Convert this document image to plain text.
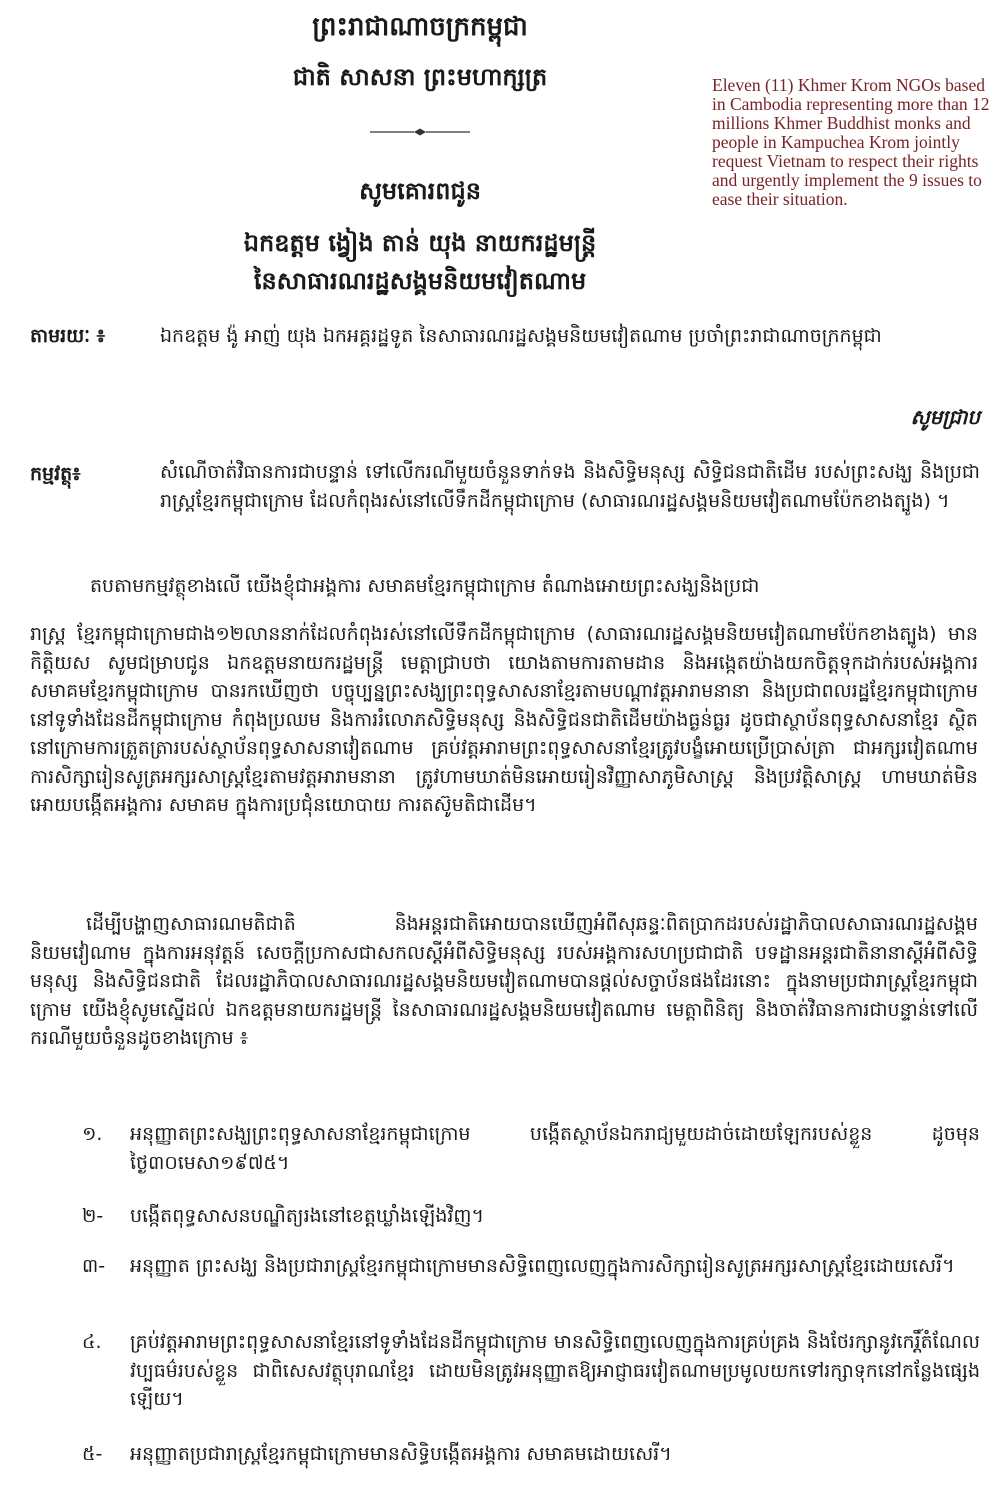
ព្រះរាជាណាចក្រកម្ពុជា
ជាតិ សាសនា ព្រះមហាក្សត្រ
សូមគោរពជូន
ឯកឧត្តម ង្វៀង តាន់ យុង នាយករដ្ឋមន្ត្រី
នៃសាធារណរដ្ឋសង្គមនិយមវៀតណាម
Eleven (11) Khmer Krom NGOs based in Cambodia representing more than 12 millions Khmer Buddhist monks and people in Kampuchea Krom jointly request Vietnam to respect their rights and urgently implement the 9 issues to ease their situation.
តាមរយៈ ៖	ឯកឧត្តម ង៉ូ អាញ់ យុង ឯកអគ្គរដ្ឋទូត នៃសាធារណរដ្ឋសង្គមនិយមវៀតណាម ប្រចាំព្រះរាជាណាចក្រកម្ពុជា
សូមជ្រាប
កម្មវត្ថុ៖	សំណើចាត់វិធានការជាបន្ទាន់ ទៅលើករណីមួយចំនួនទាក់ទង និងសិទ្ធិមនុស្ស សិទ្ធិជនជាតិដើម របស់ព្រះសង្ឃ និងប្រជារាស្ត្រខ្មែរកម្ពុជាក្រោម ដែលកំពុងរស់នៅលើទឹកដីកម្ពុជាក្រោម (សាធារណរដ្ឋសង្គមនិយមវៀតណាមប៉ែកខាងត្បូង) ។
តបតាមកម្មវត្ថុខាងលើ យើងខ្ញុំជាអង្គការ សមាគមខ្មែរកម្ពុជាក្រោម តំណាងអោយព្រះសង្ឃនិងប្រជា
រាស្ត្រ ខ្មែរកម្ពុជាក្រោមជាង១២លាននាក់ដែលកំពុងរស់នៅលើទឹកដីកម្ពុជាក្រោម (សាធារណរដ្ឋសង្គមនិយមវៀតណាមប៉ែកខាងត្បូង) មានកិត្តិយស សូមជម្រាបជូន ឯកឧត្តមនាយករដ្ឋមន្ត្រី មេត្តាជ្រាបថា យោងតាមការតាមដាន និងអង្កេតយ៉ាងយកចិត្តទុកដាក់របស់អង្គការ សមាគមខ្មែរកម្ពុជាក្រោម បានរកឃើញថា បច្ចុប្បន្នព្រះសង្ឃព្រះពុទ្ធសាសនាខ្មែរតាមបណ្តាវត្តអារាមនានា និងប្រជាពលរដ្ឋខ្មែរកម្ពុជាក្រោមនៅទូទាំងដែនដីកម្ពុជាក្រោម កំពុងប្រឈម និងការរំលោភសិទ្ធិមនុស្ស និងសិទ្ធិជនជាតិដើមយ៉ាងធ្ងន់ធ្ងរ ដូចជាស្ថាប័នពុទ្ធសាសនាខ្មែរ ស្ថិតនៅក្រោមការត្រួតត្រារបស់ស្ថាប័នពុទ្ធសាសនាវៀតណាម គ្រប់វត្តអារាមព្រះពុទ្ធសាសនាខ្មែរត្រូវបង្ខំអោយប្រើប្រាស់ត្រា ជាអក្សរវៀតណាម ការសិក្សារៀនសូត្រអក្សរសាស្ត្រខ្មែរតាមវត្តអារាមនានា ត្រូវហាមឃាត់មិនអោយរៀនវិញ្ញាសាភូមិសាស្ត្រ និងប្រវត្តិសាស្ត្រ ហាមឃាត់មិនអោយបង្កើតអង្គការ សមាគម ក្នុងការប្រជុំនយោបាយ ការតស៊ូមតិជាដើម។
ដើម្បីបង្ហាញសាធារណមតិជាតិ និងអន្តរជាតិអោយបានឃើញអំពីសុឆន្ទៈពិតប្រាកដរបស់រដ្ឋាភិបាលសាធារណរដ្ឋសង្គមនិយមវៀណាម ក្នុងការអនុវត្តន៍ សេចក្តីប្រកាសជាសកលស្តីអំពីសិទ្ធិមនុស្ស របស់អង្គការសហប្រជាជាតិ បទដ្ឋានអន្តរជាតិនានាស្តីអំពីសិទ្ធិមនុស្ស និងសិទ្ធិជនជាតិ ដែលរដ្ឋាភិបាលសាធារណរដ្ឋសង្គមនិយមវៀតណាមបានផ្តល់សច្ចាប័នផងដែរនោះ ក្នុងនាមប្រជារាស្ត្រខ្មែរកម្ពុជាក្រោម យើងខ្ញុំសូមស្នើដល់ ឯកឧត្តមនាយករដ្ឋមន្ត្រី នៃសាធារណរដ្ឋសង្គមនិយមវៀតណាម មេត្តាពិនិត្យ និងចាត់វិធានការជាបន្ទាន់ទៅលើករណីមួយចំនួនដូចខាងក្រោម ៖
១. អនុញ្ញាតព្រះសង្ឃព្រះពុទ្ធសាសនាខ្មែរកម្ពុជាក្រោម បង្កើតស្ថាប័នឯករាជ្យមួយដាច់ដោយឡែករបស់ខ្លួន ដូចមុនថ្ងៃ៣០មេសា១៩៧៥។
២- បង្កើតពុទ្ធសាសនបណ្ឌិត្យរងនៅខេត្តឃ្លាំងឡើងវិញ។
៣- អនុញ្ញាត ព្រះសង្ឃ និងប្រជារាស្ត្រខ្មែរកម្ពុជាក្រោមមានសិទ្ធិពេញលេញក្នុងការសិក្សារៀនសូត្រអក្សរសាស្ត្រខ្មែរដោយសេរី។
៤. គ្រប់វត្តអារាមព្រះពុទ្ធសាសនាខ្មែរនៅទូទាំងដែនដីកម្ពុជាក្រោម មានសិទ្ធិពេញលេញក្នុងការគ្រប់គ្រង និងថែរក្សានូវកេរ្តិ៍តំណែលវប្បធម៌របស់ខ្លួន ជាពិសេសវត្ថុបុរាណខ្មែរ ដោយមិនត្រូវអនុញ្ញាតឱ្យអាជ្ញាធរវៀតណាមប្រមូលយកទៅរក្សាទុកនៅកន្លែងផ្សេងឡើយ។
៥- អនុញ្ញាតប្រជារាស្ត្រខ្មែរកម្ពុជាក្រោមមានសិទ្ធិបង្កើតអង្គការ សមាគមដោយសេរី។
